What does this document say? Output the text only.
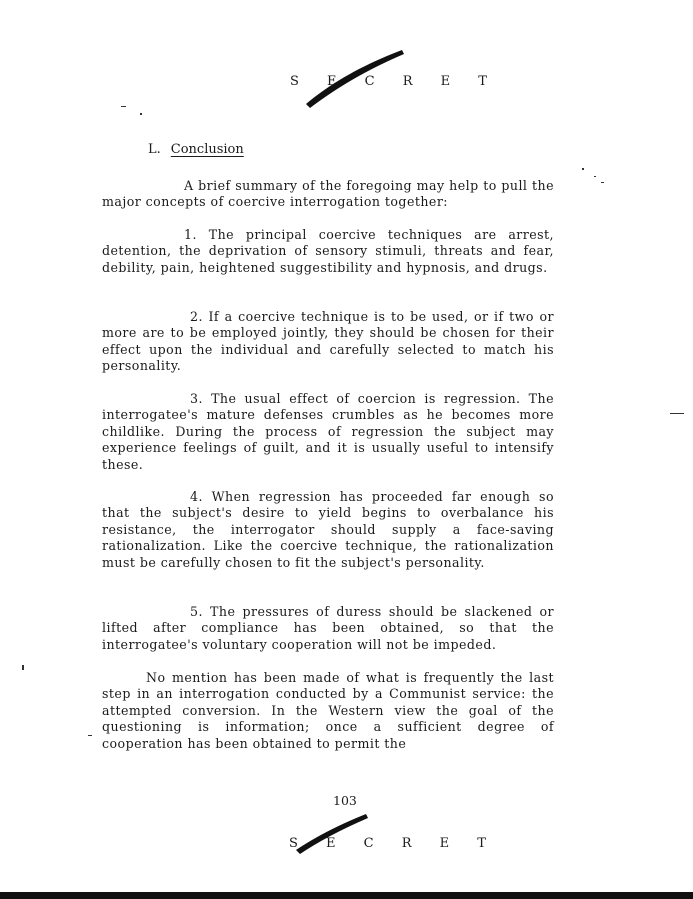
S E C R E T
L. Conclusion
A brief summary of the foregoing may help to pull the major concepts of coercive interrogation together:
1. The principal coercive techniques are arrest, detention, the deprivation of sensory stimuli, threats and fear, debility, pain, heightened suggestibility and hypnosis, and drugs.
2. If a coercive technique is to be used, or if two or more are to be employed jointly, they should be chosen for their effect upon the individual and carefully selected to match his personality.
3. The usual effect of coercion is regression. The interrogatee's mature defenses crumbles as he becomes more childlike. During the process of regression the subject may experience feelings of guilt, and it is usually useful to intensify these.
4. When regression has proceeded far enough so that the subject's desire to yield begins to overbalance his resistance, the interrogator should supply a face-saving rationalization. Like the coercive technique, the rationalization must be carefully chosen to fit the subject's personality.
5. The pressures of duress should be slackened or lifted after compliance has been obtained, so that the interrogatee's voluntary cooperation will not be impeded.
No mention has been made of what is frequently the last step in an interrogation conducted by a Communist service: the attempted conversion. In the Western view the goal of the questioning is information; once a sufficient degree of cooperation has been obtained to permit the
103
S E C R E T
